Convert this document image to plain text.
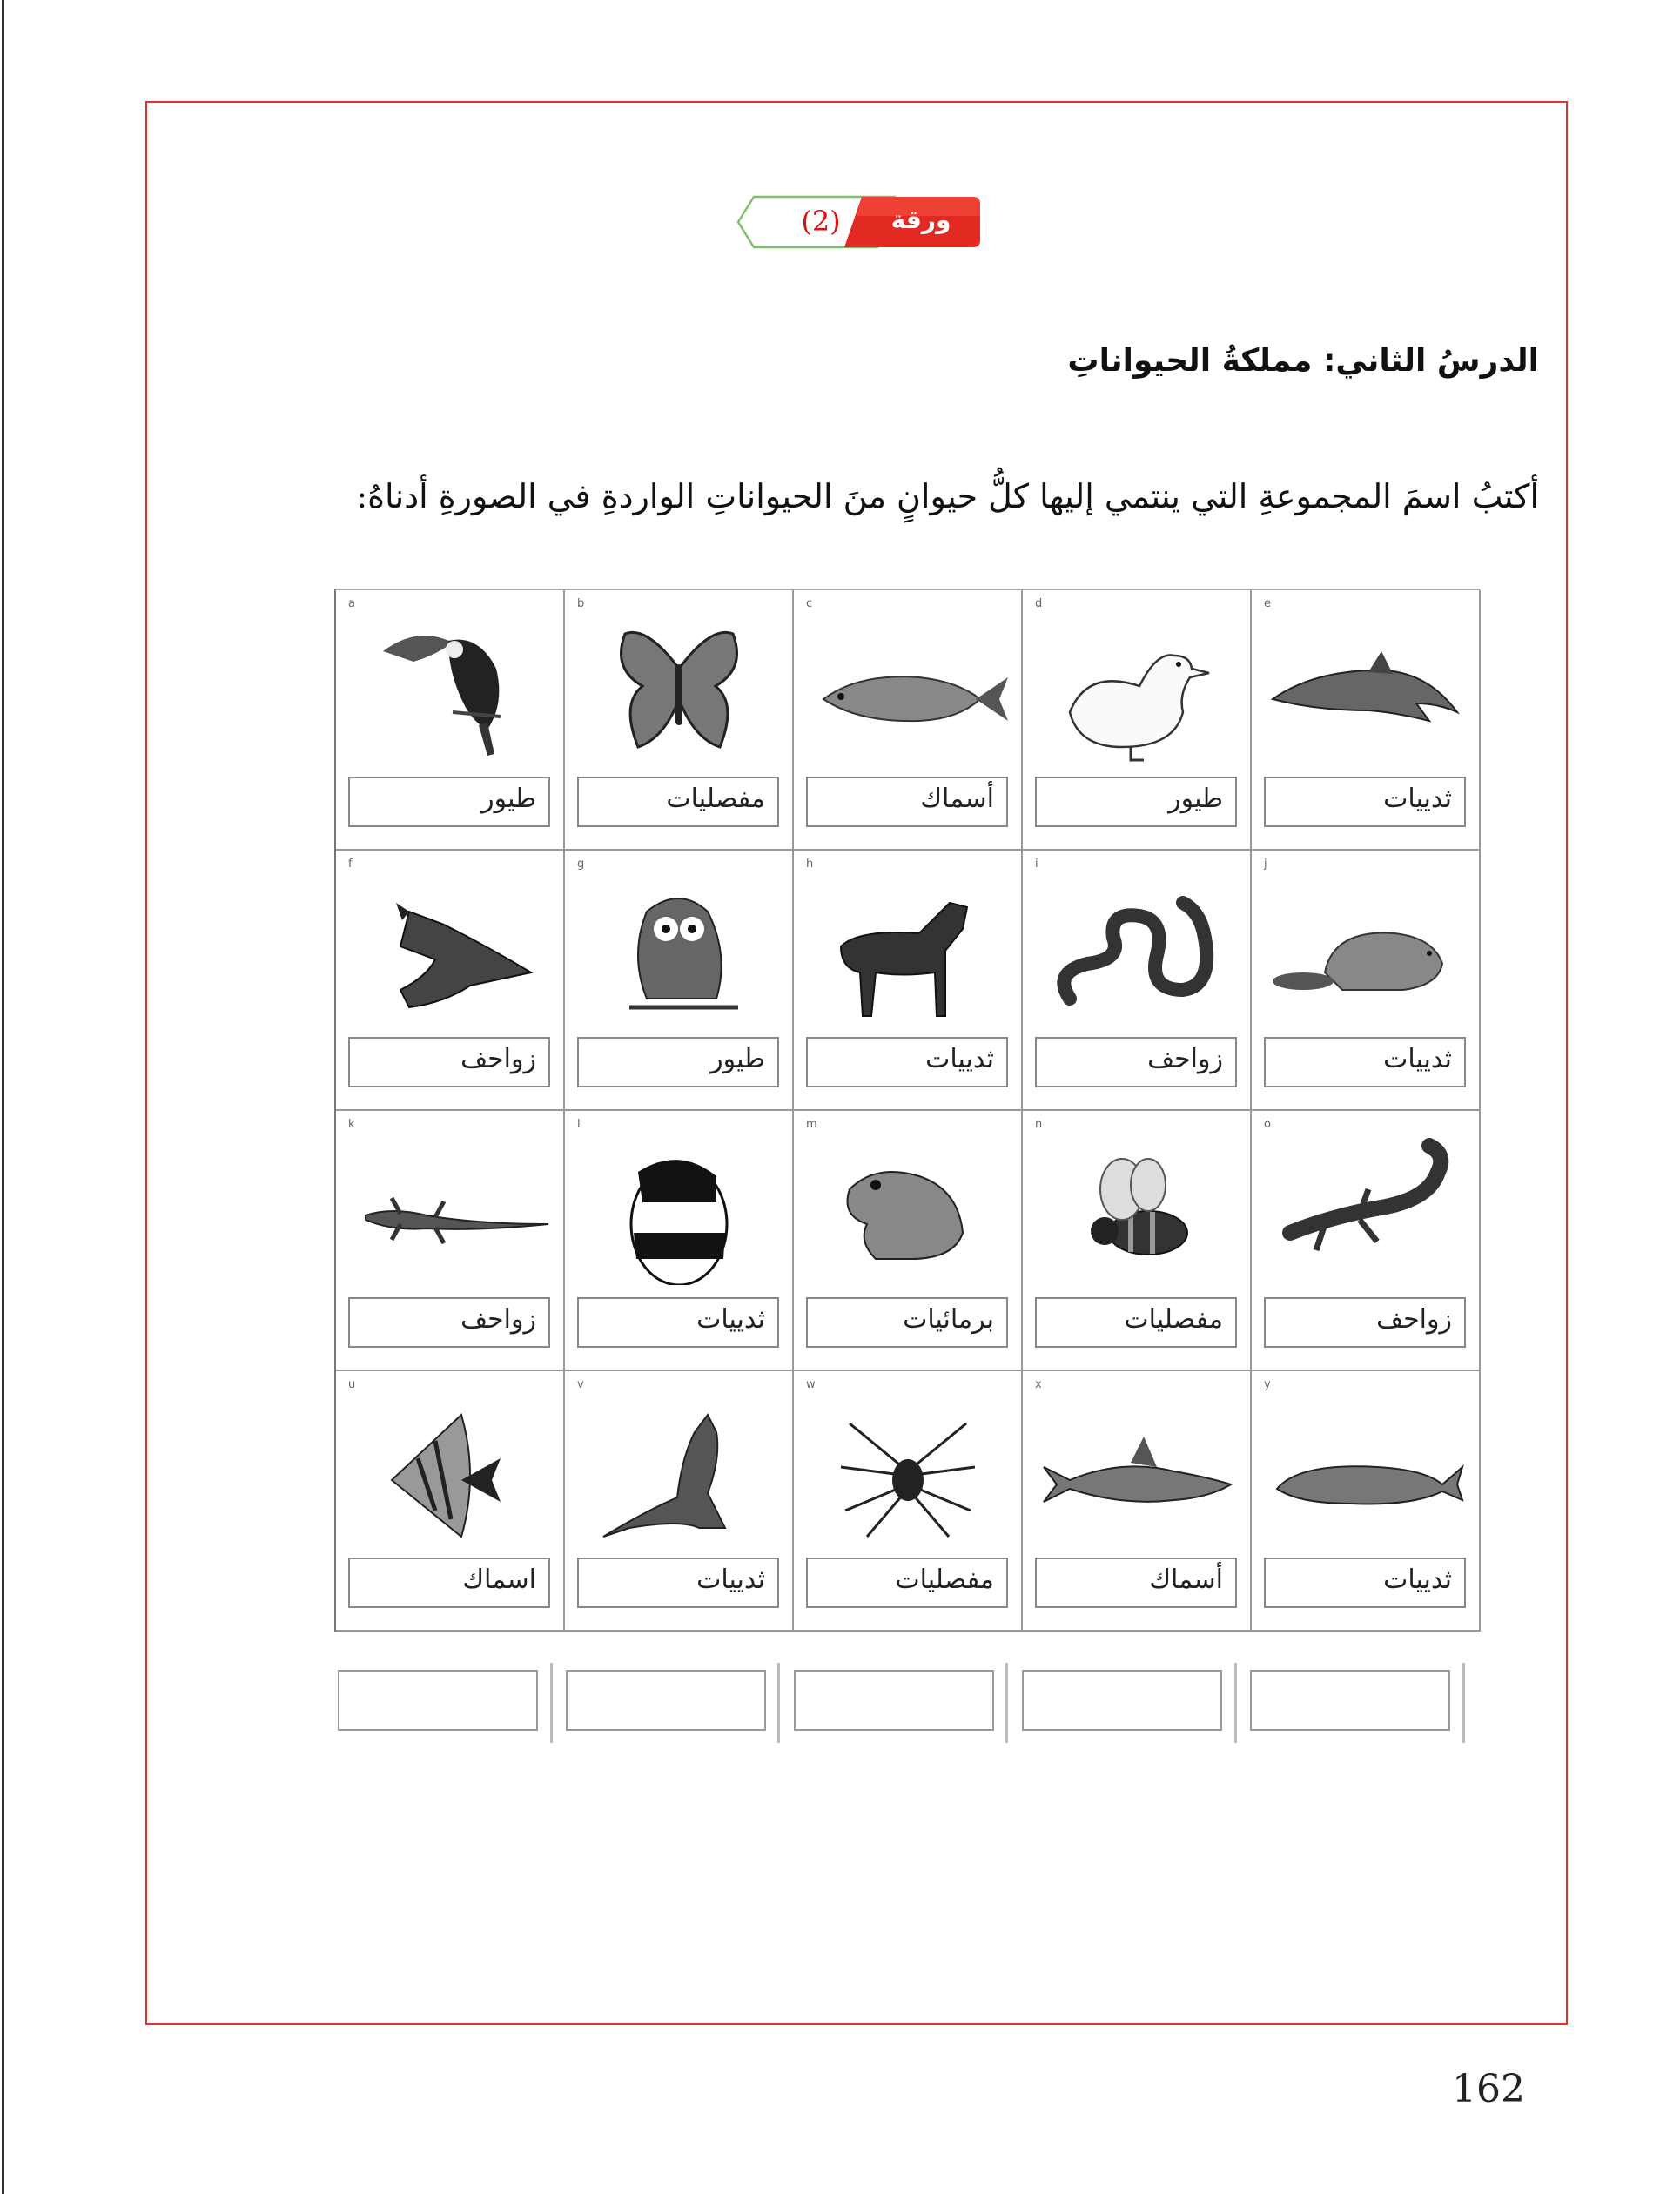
(2)	ورقة عمل
الدرسُ الثاني: مملكةُ الحيواناتِ
أكتبُ اسمَ المجموعةِ التي ينتمي إليها كلُّ حيوانٍ منَ الحيواناتِ الواردةِ في الصورةِ أدناهُ:
a
طيور
b
مفصليات
c
أسماك
d
طيور
e
ثدييات
f
زواحف
g
طيور
h
ثدييات
i
زواحف
j
ثدييات
k
زواحف
l
ثدييات
m
برمائيات
n
مفصليات
o
زواحف
u
اسماك
v
ثدييات
w
مفصليات
x
أسماك
y
ثدييات
162
